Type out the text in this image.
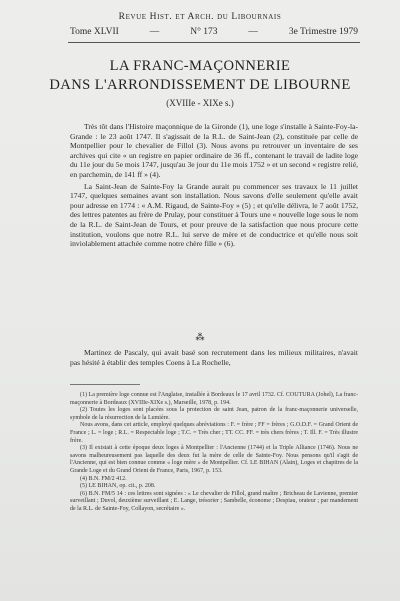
Revue Hist. et Arch. du Libournais
Tome XLVII	—	N° 173	—	3e Trimestre 1979
LA FRANC-MAÇONNERIE
DANS L'ARRONDISSEMENT DE LIBOURNE
(XVIIIe - XIXe s.)

Très tôt dans l'Histoire maçonnique de la Gironde (1), une loge s'installe à Sainte-Foy-la-Grande : le 23 août 1747. Il s'agissait de la R.L. de Saint-Jean (2), constituée par celle de Montpellier pour le chevalier de Fillol (3). Nous avons pu retrouver un inventaire de ses archives qui cite « un registre en papier ordinaire de 36 ff., contenant le travail de ladite loge du 11e jour du 5e mois 1747, jusqu'au 3e jour du 11e mois 1752 » et un second « registre relié, en parchemin, de 141 ff » (4).

La Saint-Jean de Sainte-Foy la Grande aurait pu commencer ses travaux le 11 juillet 1747, quelques semaines avant son installation. Nous savons d'elle seulement qu'elle avait pour adresse en 1774 : « A.M. Rigaud, de Sainte-Foy » (5) ; et qu'elle délivra, le 7 août 1752, des lettres patentes au frère de Prulay, pour constituer à Tours une « nouvelle loge sous le nom de la R.L. de Saint-Jean de Tours, et pour preuve de la satisfaction que nous procure cette institution, voulons que notre R.L. lui serve de mère et de conductrice et qu'elle nous soit inviolablement attachée comme notre chère fille » (6).

⁂

Martinez de Pascaly, qui avait basé son recrutement dans les milieux militaires, n'avait pas hésité à établir des temples Coens à La Rochelle,

(1) La première loge connue est l'Anglaise, installée à Bordeaux le 17 avril 1732. Cf. COUTURA (Johel), La franc-maçonnerie à Bordeaux (XVIIIe-XIXe s.), Marseille, 1978, p. 194.

(2) Toutes les loges sont placées sous la protection de saint Jean, patron de la franc-maçonnerie universelle, symbole de la résurrection de la Lumière.

Nous avons, dans cet article, employé quelques abréviations : F. = frère ; FF = frères ; G.O.D.F. = Grand Orient de France ; L. = loge ; R.L. = Respectable loge ; T.C. = Très cher ; TT. CC. FF. = très chers frères ; T. Ill. F. = Très illustre frère.

(3) Il existait à cette époque deux loges à Montpellier : l'Ancienne (1744) et la Triple Alliance (1746). Nous ne savons malheureusement pas laquelle des deux fut la mère de celle de Sainte-Foy. Nous pensons qu'il s'agit de l'Ancienne, qui est bien connue comme « loge mère » de Montpellier. Cf. LE BIHAN (Alain), Loges et chapitres de la Grande Loge et du Grand Orient de France, Paris, 1967, p. 153.

(4) B.N. FM/2 412.

(5) LE BIHAN, op. cit., p. 208.

(6) B.N. FM/5 14 : ces lettres sont signées : « Le chevalier de Fillol, grand maître ; Bricheau de Lavienne, premier surveillant ; Duvol, deuxième surveillant ; E. Lange, trésorier ; Sambelle, économe ; Despiau, orateur ; par mandement de la R.L. de Sainte-Foy, Collayon, secrétaire ».
